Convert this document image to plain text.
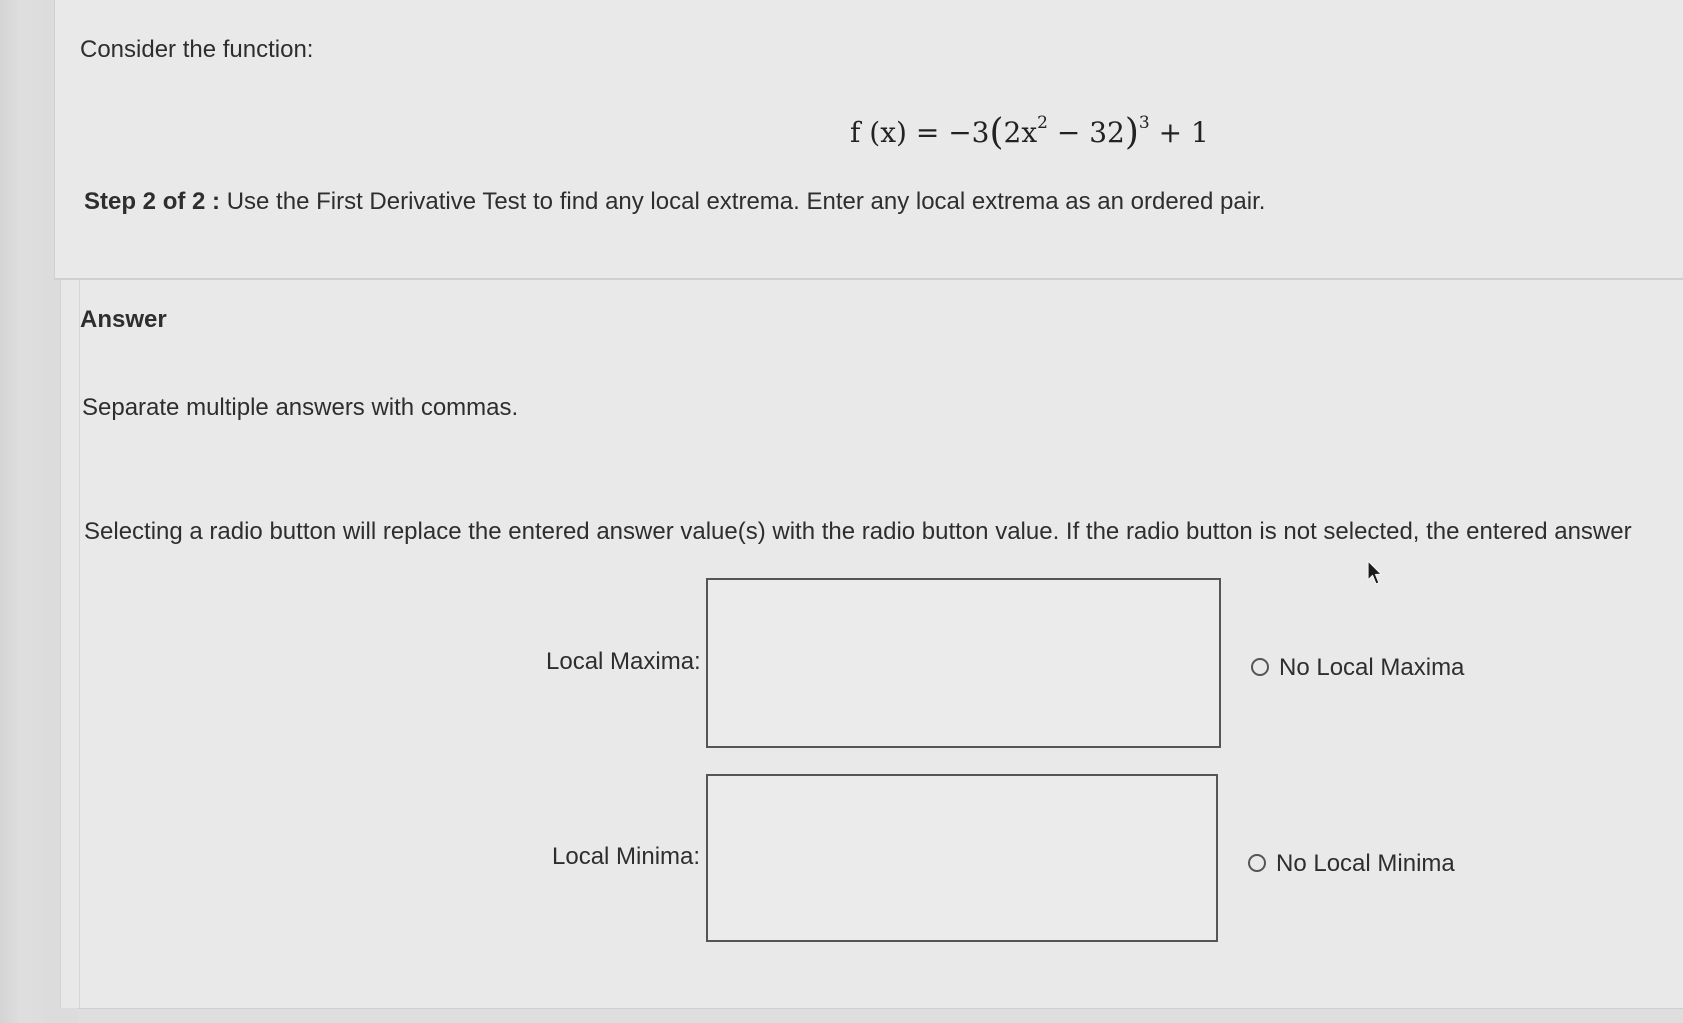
Consider the function:
f $(x) = -3(2x^2 - 32)^3 + 1$
Step 2 of 2 : Use the First Derivative Test to find any local extrema. Enter any local extrema as an ordered pair.
Answer
Separate multiple answers with commas.
Selecting a radio button will replace the entered answer value(s) with the radio button value. If the radio button is not selected, the entered answer
Local Maxima:	No Local Maxima
Local Minima:	No Local Minima
